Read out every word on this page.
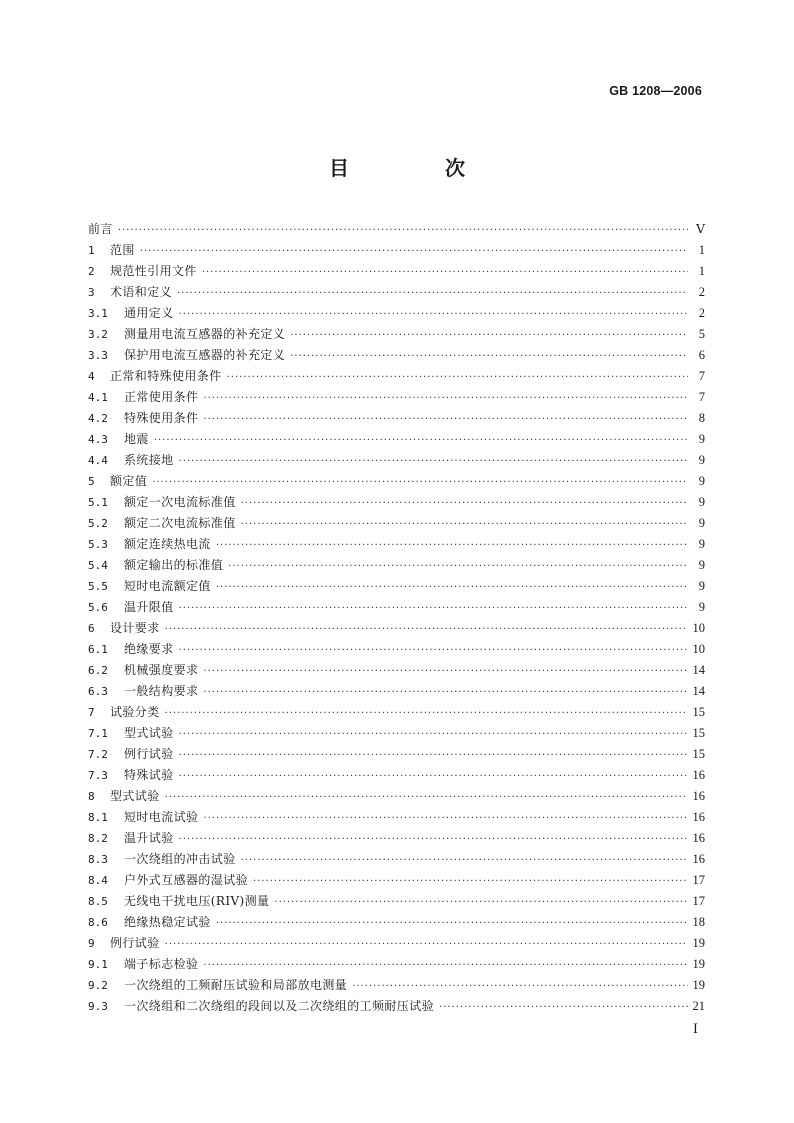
GB 1208—2006
目　次
前言 ·····	Ⅴ
1	范围 ·····	1
2	规范性引用文件 ·····	1
3	术语和定义 ·····	2
3.1	通用定义 ·····	2
3.2	测量用电流互感器的补充定义 ·····	5
3.3	保护用电流互感器的补充定义 ·····	6
4	正常和特殊使用条件 ·····	7
4.1	正常使用条件 ·····	7
4.2	特殊使用条件 ·····	8
4.3	地震 ·····	9
4.4	系统接地 ·····	9
5	额定值 ·····	9
5.1	额定一次电流标准值 ·····	9
5.2	额定二次电流标准值 ·····	9
5.3	额定连续热电流 ·····	9
5.4	额定输出的标准值 ·····	9
5.5	短时电流额定值 ·····	9
5.6	温升限值 ·····	9
6	设计要求 ·····	10
6.1	绝缘要求 ·····	10
6.2	机械强度要求 ·····	14
6.3	一般结构要求 ·····	14
7	试验分类 ·····	15
7.1	型式试验 ·····	15
7.2	例行试验 ·····	15
7.3	特殊试验 ·····	16
8	型式试验 ·····	16
8.1	短时电流试验 ·····	16
8.2	温升试验 ·····	16
8.3	一次绕组的冲击试验 ·····	16
8.4	户外式互感器的湿试验 ·····	17
8.5	无线电干扰电压(RIV)测量 ·····	17
8.6	绝缘热稳定试验 ·····	18
9	例行试验 ·····	19
9.1	端子标志检验 ·····	19
9.2	一次绕组的工频耐压试验和局部放电测量 ·····	19
9.3	一次绕组和二次绕组的段间以及二次绕组的工频耐压试验 ·····	21
Ⅰ
